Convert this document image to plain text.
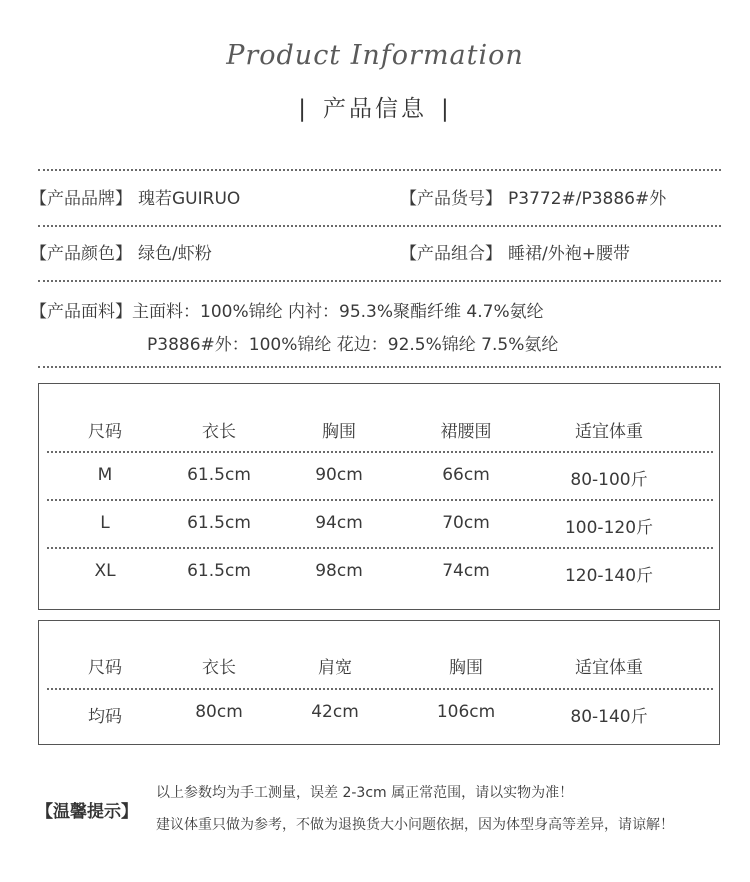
Product Information
| 产品信息 |
【产品品牌】 瑰若GUIRUO	【产品货号】 P3772#/P3886#外
【产品颜色】 绿色/虾粉	【产品组合】 睡裙/外袍+腰带
【产品面料】主面料：100%锦纶 内衬：95.3%聚酯纤维 4.7%氨纶
P3886#外：100%锦纶 花边：92.5%锦纶 7.5%氨纶
尺码	衣长	胸围	裙腰围	适宜体重
M	61.5cm	90cm	66cm	80-100斤
L	61.5cm	94cm	70cm	100-120斤
XL	61.5cm	98cm	74cm	120-140斤
尺码	衣长	肩宽	胸围	适宜体重
均码	80cm	42cm	106cm	80-140斤
【温馨提示】
以上参数均为手工测量，误差 2-3cm 属正常范围，请以实物为准！
建议体重只做为参考，不做为退换货大小问题依据，因为体型身高等差异，请谅解！
